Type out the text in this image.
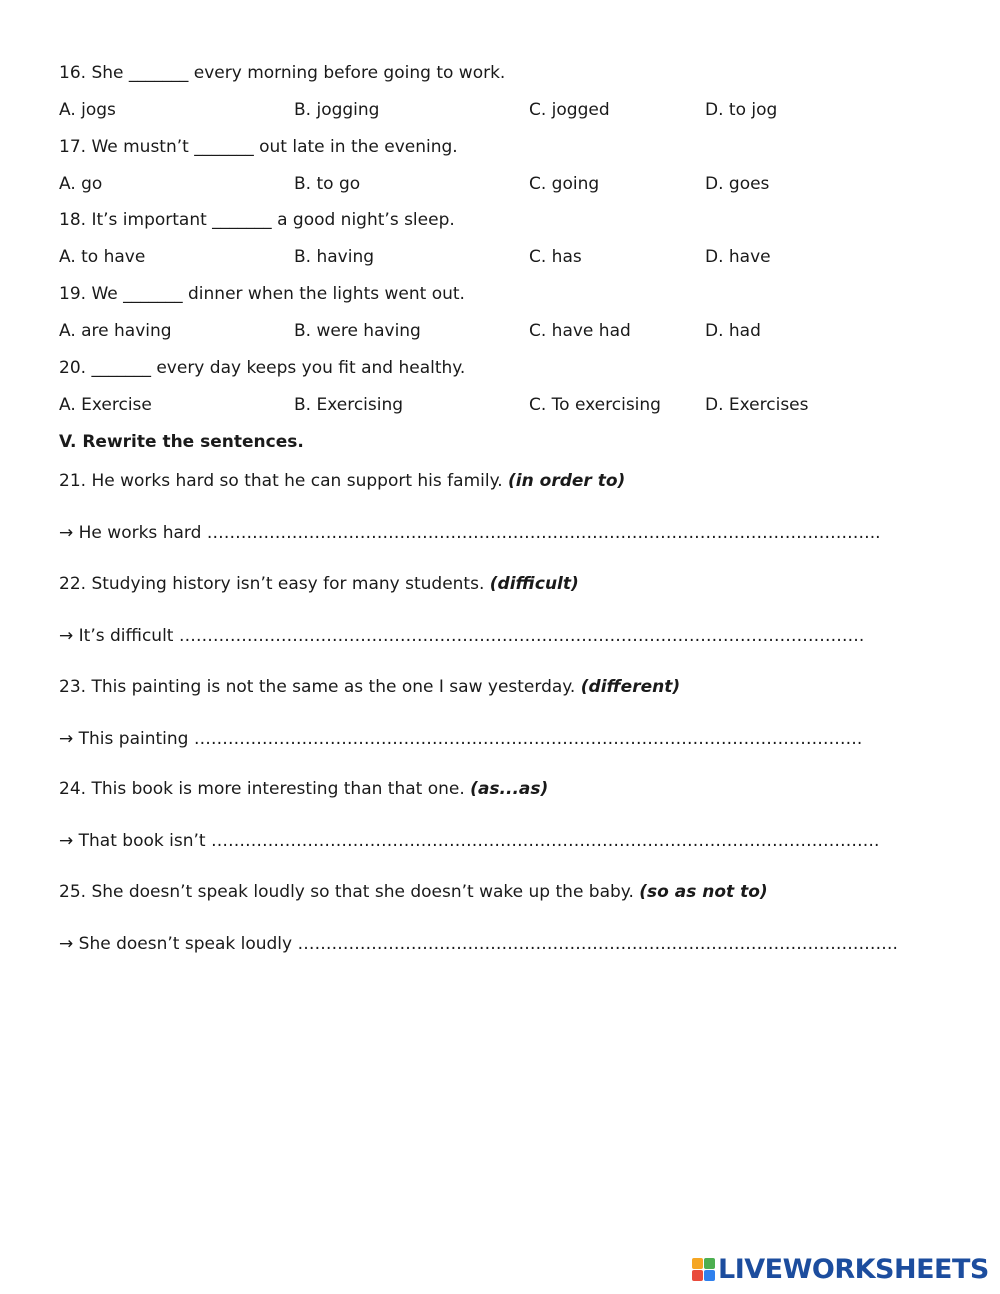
16. She _______ every morning before going to work.
A. jogs	B. jogging	C. jogged	D. to jog
17. We mustn’t _______ out late in the evening.
A. go	B. to go	C. going	D. goes
18. It’s important _______ a good night’s sleep.
A. to have	B. having	C. has	D. have
19. We _______ dinner when the lights went out.
A. are having	B. were having	C. have had	D. had
20. _______ every day keeps you fit and healthy.
A. Exercise	B. Exercising	C. To exercising	D. Exercises
V. Rewrite the sentences.
21. He works hard so that he can support his family. (in order to)
→ He works hard ………………………………………………………………………………………………………..
22. Studying history isn’t easy for many students. (difficult)
→ It’s difficult ………………………………………………………………………………………………………….
23. This painting is not the same as the one I saw yesterday. (different)
→ This painting ……………………………………………………………………………………………………….
24. This book is more interesting than that one. (as...as)
→ That book isn’t ……………………………………………………………………………………………………….
25. She doesn’t speak loudly so that she doesn’t wake up the baby. (so as not to)
→ She doesn’t speak loudly …………………………………………………………………………………………….
LIVEWORKSHEETS
